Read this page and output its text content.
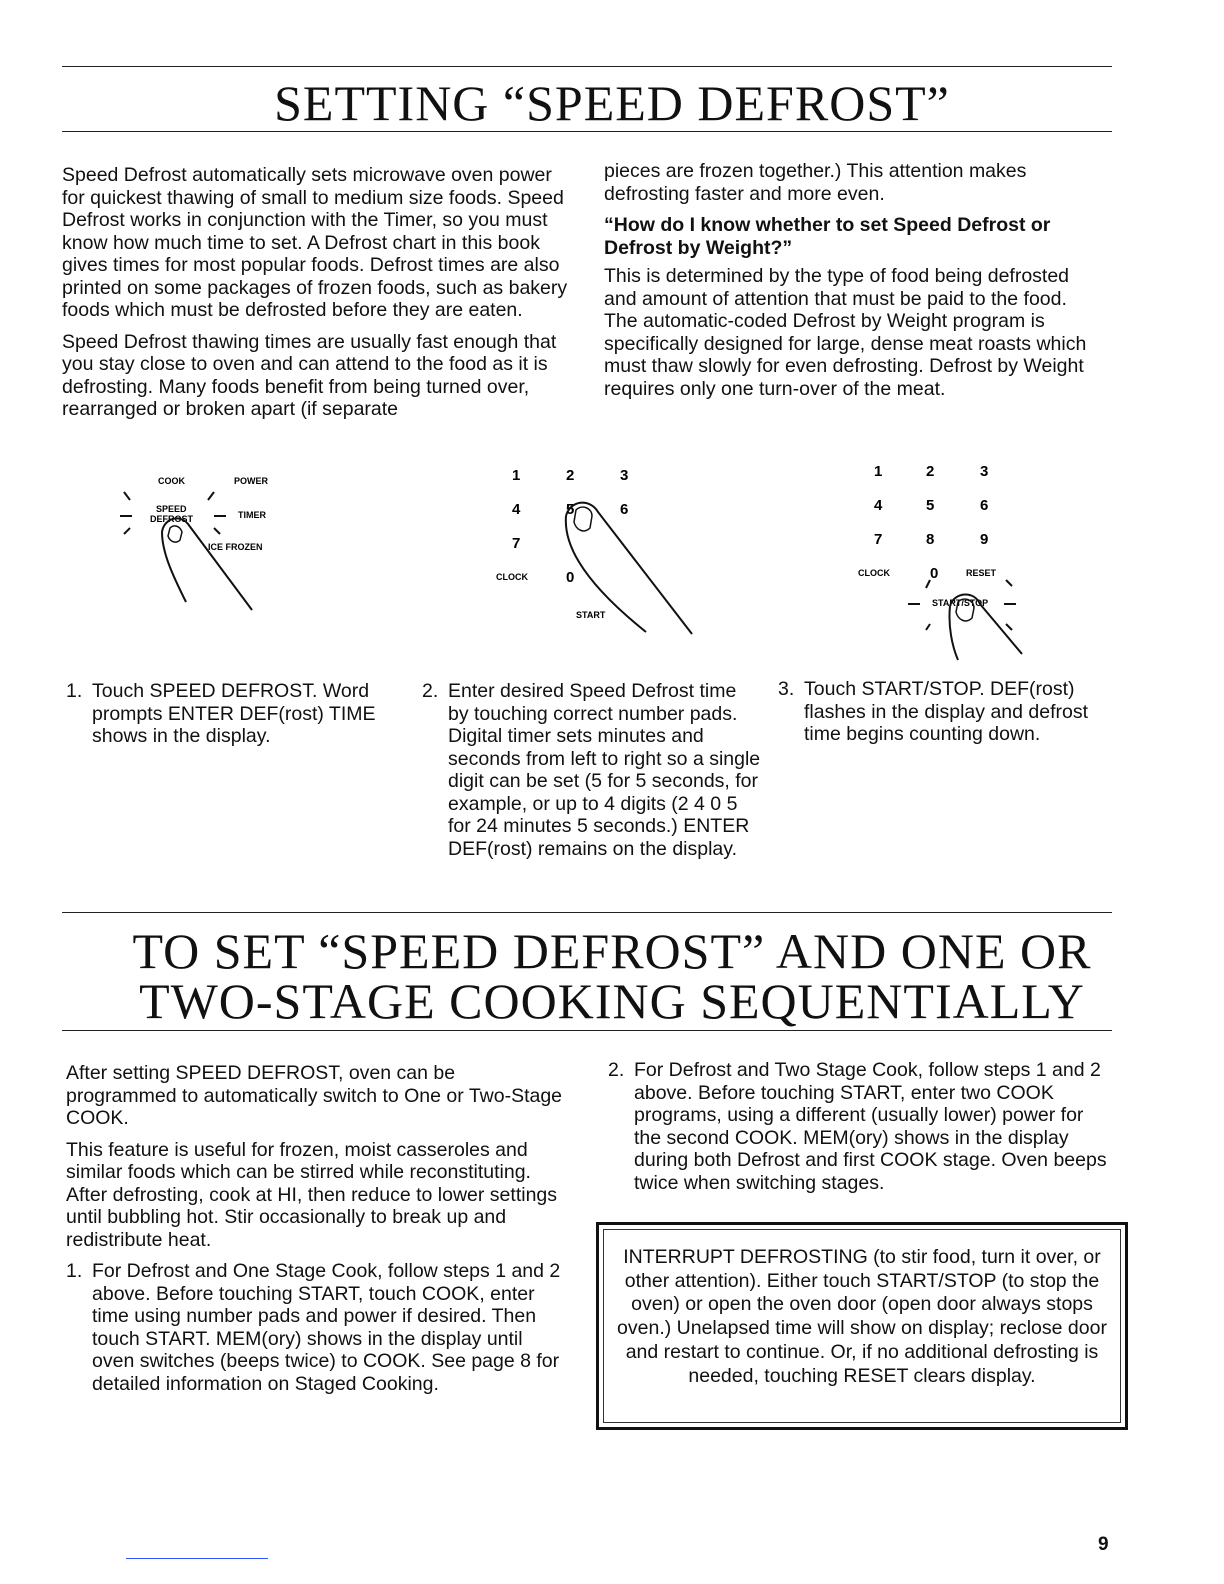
SETTING “SPEED DEFROST”

Speed Defrost automatically sets microwave oven power for quickest thawing of small to medium size foods. Speed Defrost works in conjunction with the Timer, so you must know how much time to set. A Defrost chart in this book gives times for most popular foods. Defrost times are also printed on some packages of frozen foods, such as bakery foods which must be defrosted before they are eaten.

Speed Defrost thawing times are usually fast enough that you stay close to oven and can attend to the food as it is defrosting. Many foods benefit from being turned over, rearranged or broken apart (if separate

pieces are frozen together.) This attention makes defrosting faster and more even.

“How do I know whether to set Speed Defrost or Defrost by Weight?”

This is determined by the type of food being defrosted and amount of attention that must be paid to the food. The automatic-coded Defrost by Weight program is specifically designed for large, dense meat roasts which must thaw slowly for even defrosting. Defrost by Weight requires only one turn-over of the meat.

COOK	POWER
SPEED
DEFROST	TIMER
ICE FROZEN
1	2	3
4	5	6
7
CLOCK	0
START
1	2	3
4	5	6
7	8	9
CLOCK	0	RESET
START/STOP
1. Touch SPEED DEFROST. Word prompts ENTER DEF(rost) TIME shows in the display.
2. Enter desired Speed Defrost time by touching correct number pads. Digital timer sets minutes and seconds from left to right so a single digit can be set (5 for 5 seconds, for example, or up to 4 digits (2 4 0 5 for 24 minutes 5 seconds.) ENTER DEF(rost) remains on the display.
3. Touch START/STOP. DEF(rost) flashes in the display and defrost time begins counting down.
TO SET “SPEED DEFROST” AND ONE OR
TWO-STAGE COOKING SEQUENTIALLY

After setting SPEED DEFROST, oven can be programmed to automatically switch to One or Two-Stage COOK.

This feature is useful for frozen, moist casseroles and similar foods which can be stirred while reconstituting. After defrosting, cook at HI, then reduce to lower settings until bubbling hot. Stir occasionally to break up and redistribute heat.

1. For Defrost and One Stage Cook, follow steps 1 and 2 above. Before touching START, touch COOK, enter time using number pads and power if desired. Then touch START. MEM(ory) shows in the display until oven switches (beeps twice) to COOK. See page 8 for detailed information on Staged Cooking.
2. For Defrost and Two Stage Cook, follow steps 1 and 2 above. Before touching START, enter two COOK programs, using a different (usually lower) power for the second COOK. MEM(ory) shows in the display during both Defrost and first COOK stage. Oven beeps twice when switching stages.
INTERRUPT DEFROSTING (to stir food, turn it over, or other attention). Either touch START/STOP (to stop the oven) or open the oven door (open door always stops oven.) Unelapsed time will show on display; reclose door and restart to continue. Or, if no additional defrosting is needed, touching RESET clears display.
9
